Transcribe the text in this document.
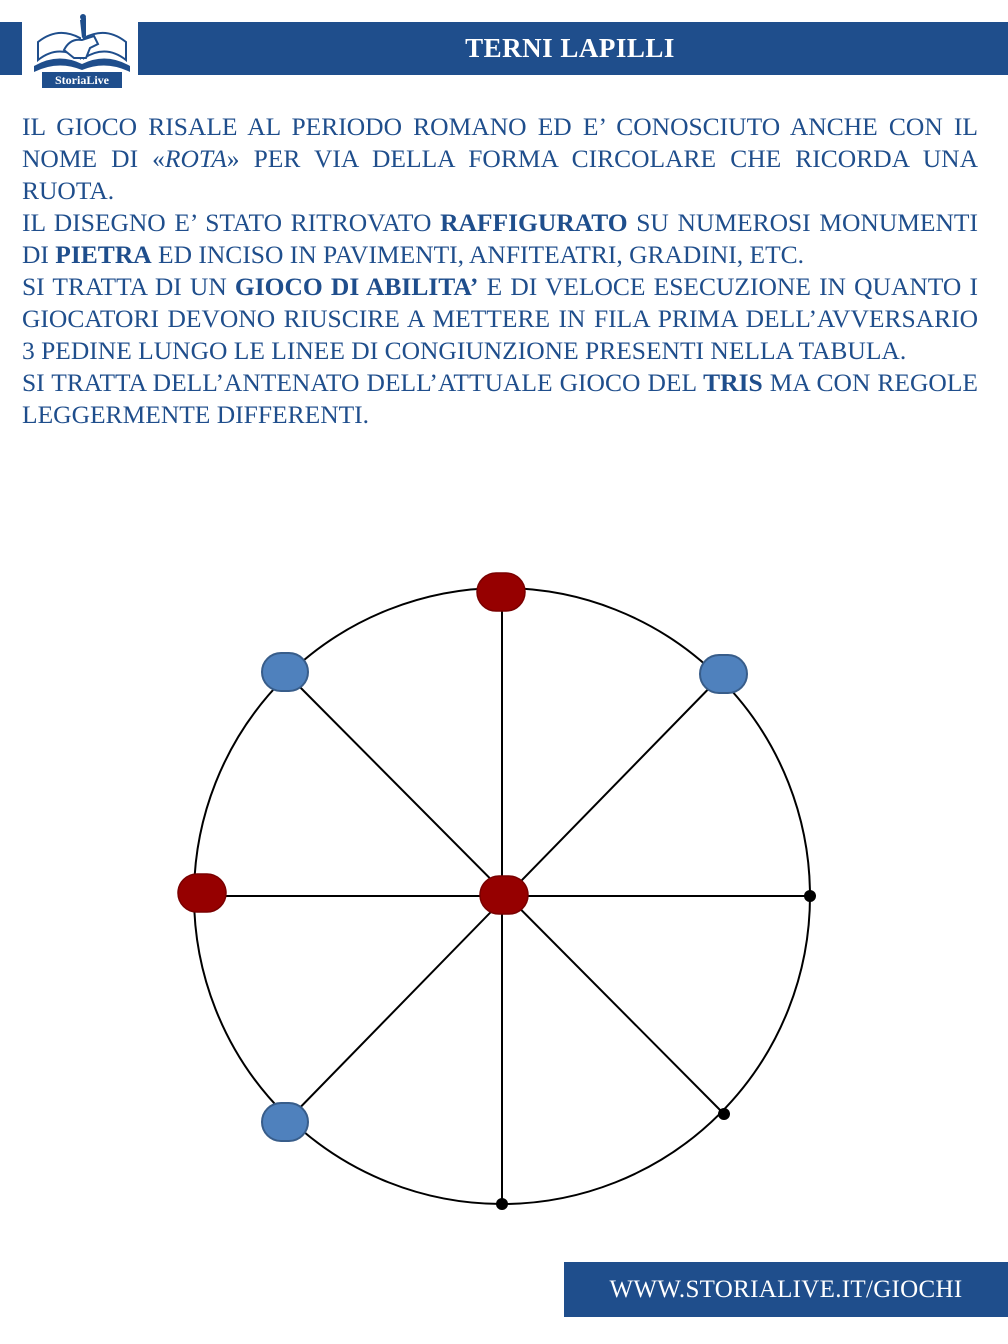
TERNI LAPILLI
StoriaLive

IL GIOCO RISALE AL PERIODO ROMANO ED E’ CONOSCIUTO ANCHE CON IL NOME DI «ROTA» PER VIA DELLA FORMA CIRCOLARE CHE RICORDA UNA RUOTA.

IL DISEGNO E’ STATO RITROVATO RAFFIGURATO SU NUMEROSI MONUMENTI DI PIETRA ED INCISO IN PAVIMENTI, ANFITEATRI, GRADINI, ETC.

SI TRATTA DI UN GIOCO DI ABILITA’ E DI VELOCE ESECUZIONE IN QUANTO I GIOCATORI DEVONO RIUSCIRE A METTERE IN FILA PRIMA DELL’AVVERSARIO 3 PEDINE LUNGO LE LINEE DI CONGIUNZIONE PRESENTI NELLA TABULA.

SI TRATTA DELL’ANTENATO DELL’ATTUALE GIOCO DEL TRIS MA CON REGOLE LEGGERMENTE DIFFERENTI.

WWW.STORIALIVE.IT/GIOCHI
